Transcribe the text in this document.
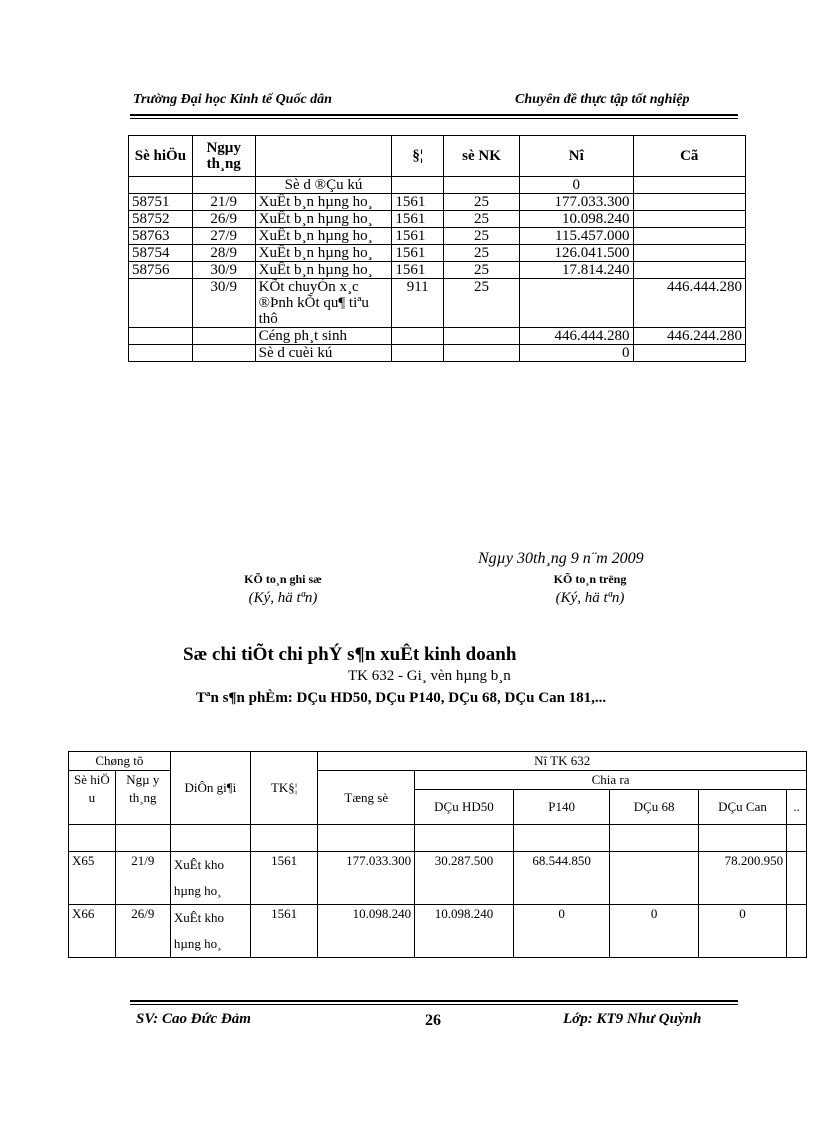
Trường Đại học Kinh tế Quốc dân	Chuyên đề thực tập tốt nghiệp
Sè hiÖu	Ngµy th¸ng		§¦	sè NK	Nî	Cã
		Sè d ®Çu kú			0	
58751	21/9	XuÊt b¸n hµng ho¸	1561	25	177.033.300	
58752	26/9	XuÊt b¸n hµng ho¸	1561	25	10.098.240	
58763	27/9	XuÊt b¸n hµng ho¸	1561	25	115.457.000	
58754	28/9	XuÊt b¸n hµng ho¸	1561	25	126.041.500	
58756	30/9	XuÊt b¸n hµng ho¸	1561	25	17.814.240	
	30/9	KÕt chuyÓn x¸c ®Þnh kÕt qu¶ tiªu thô	911	25		446.444.280
		Céng ph¸t sinh			446.444.280	446.244.280
		Sè d cuèi kú			0	
Ngµy 30th¸ng 9 n¨m 2009
KÕ to¸n ghi sæ
(Ký, hä tªn)
KÕ to¸n trëng
(Ký, hä tªn)
Sæ chi tiÕt chi phÝ s¶n xuÊt kinh doanh
TK 632 - Gi¸ vèn hµng b¸n
Tªn s¶n phÈm: DÇu HD50, DÇu P140, DÇu 68, DÇu Can 181,...
Chøng tõ		DiÔn gi¶i	TK§¦	Nî TK 632					
Sè hiÖ u	Ngµ y th¸ng			Tæng sè	Chia ra				
					DÇu HD50	P140	DÇu 68	DÇu Can	..

X65	21/9	XuÊt kho hµng ho¸	1561	177.033.300	30.287.500	68.544.850		78.200.950	
X66	26/9	XuÊt kho hµng ho¸	1561	10.098.240	10.098.240	0	0	0	
SV: Cao Đức Đảm	26	Lớp: KT9 Như Quỳnh
